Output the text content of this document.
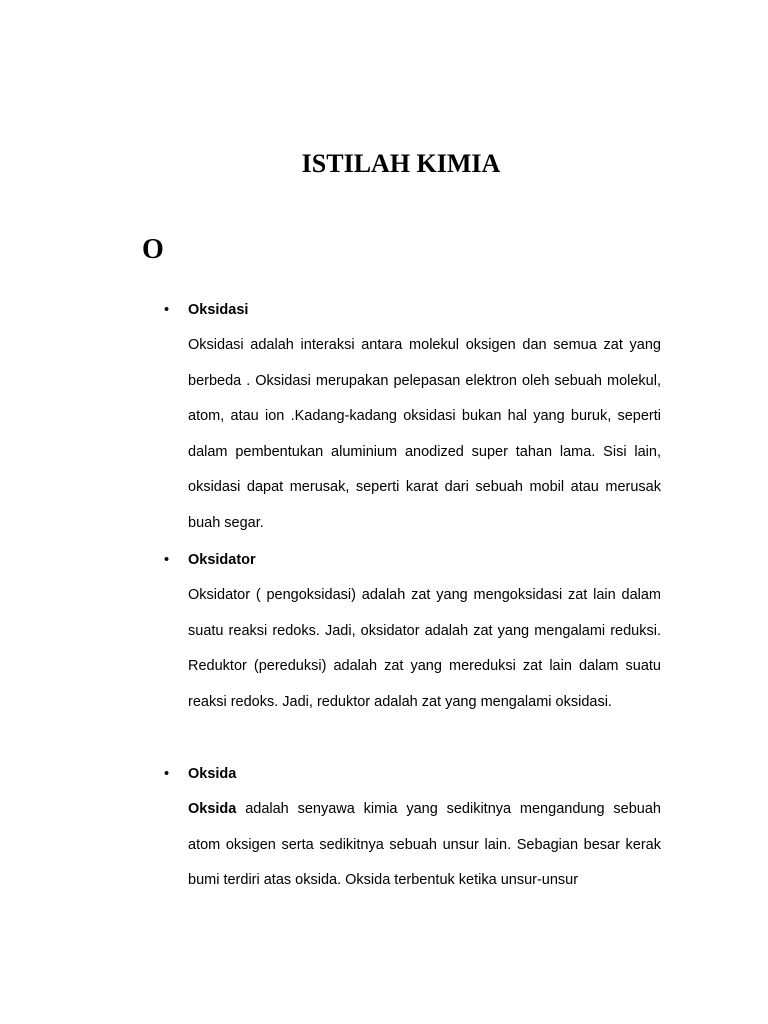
ISTILAH KIMIA
O
• Oksidasi

Oksidasi adalah interaksi antara molekul oksigen dan semua zat yang berbeda . Oksidasi merupakan pelepasan elektron oleh sebuah molekul, atom, atau ion .Kadang-kadang oksidasi bukan hal yang buruk, seperti dalam pembentukan aluminium anodized super tahan lama. Sisi lain, oksidasi dapat merusak, seperti karat dari sebuah mobil atau merusak buah segar.

• Oksidator

Oksidator ( pengoksidasi) adalah zat yang mengoksidasi zat lain dalam suatu reaksi redoks. Jadi, oksidator adalah zat yang mengalami reduksi. Reduktor (pereduksi) adalah zat yang mereduksi zat lain dalam suatu reaksi redoks. Jadi, reduktor adalah zat yang mengalami oksidasi.

• Oksida

Oksida adalah senyawa kimia yang sedikitnya mengandung sebuah atom oksigen serta sedikitnya sebuah unsur lain. Sebagian besar kerak bumi terdiri atas oksida. Oksida terbentuk ketika unsur-unsur
